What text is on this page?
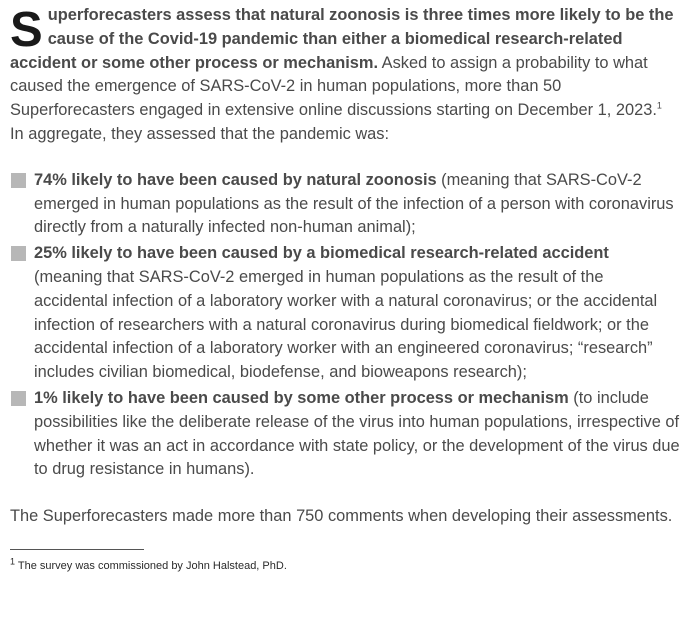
Superforecasters assess that natural zoonosis is three times more likely to be the cause of the Covid-19 pandemic than either a biomedical research-related accident or some other process or mechanism. Asked to assign a probability to what caused the emergence of SARS-CoV-2 in human populations, more than 50 Superforecasters engaged in extensive online discussions starting on December 1, 2023.$^1$ In aggregate, they assessed that the pandemic was:

74% likely to have been caused by natural zoonosis (meaning that SARS-CoV-2 emerged in human populations as the result of the infection of a person with coronavirus directly from a naturally infected non-human animal);
25% likely to have been caused by a biomedical research-related accident (meaning that SARS-CoV-2 emerged in human populations as the result of the accidental infection of a laboratory worker with a natural coronavirus; or the accidental infection of researchers with a natural coronavirus during biomedical fieldwork; or the accidental infection of a laboratory worker with an engineered coronavirus; “research” includes civilian biomedical, biodefense, and bioweapons research);
1% likely to have been caused by some other process or mechanism (to include possibilities like the deliberate release of the virus into human populations, irrespective of whether it was an act in accordance with state policy, or the development of the virus due to drug resistance in humans).

The Superforecasters made more than 750 comments when developing their assessments.

$^1$ The survey was commissioned by John Halstead, PhD.
